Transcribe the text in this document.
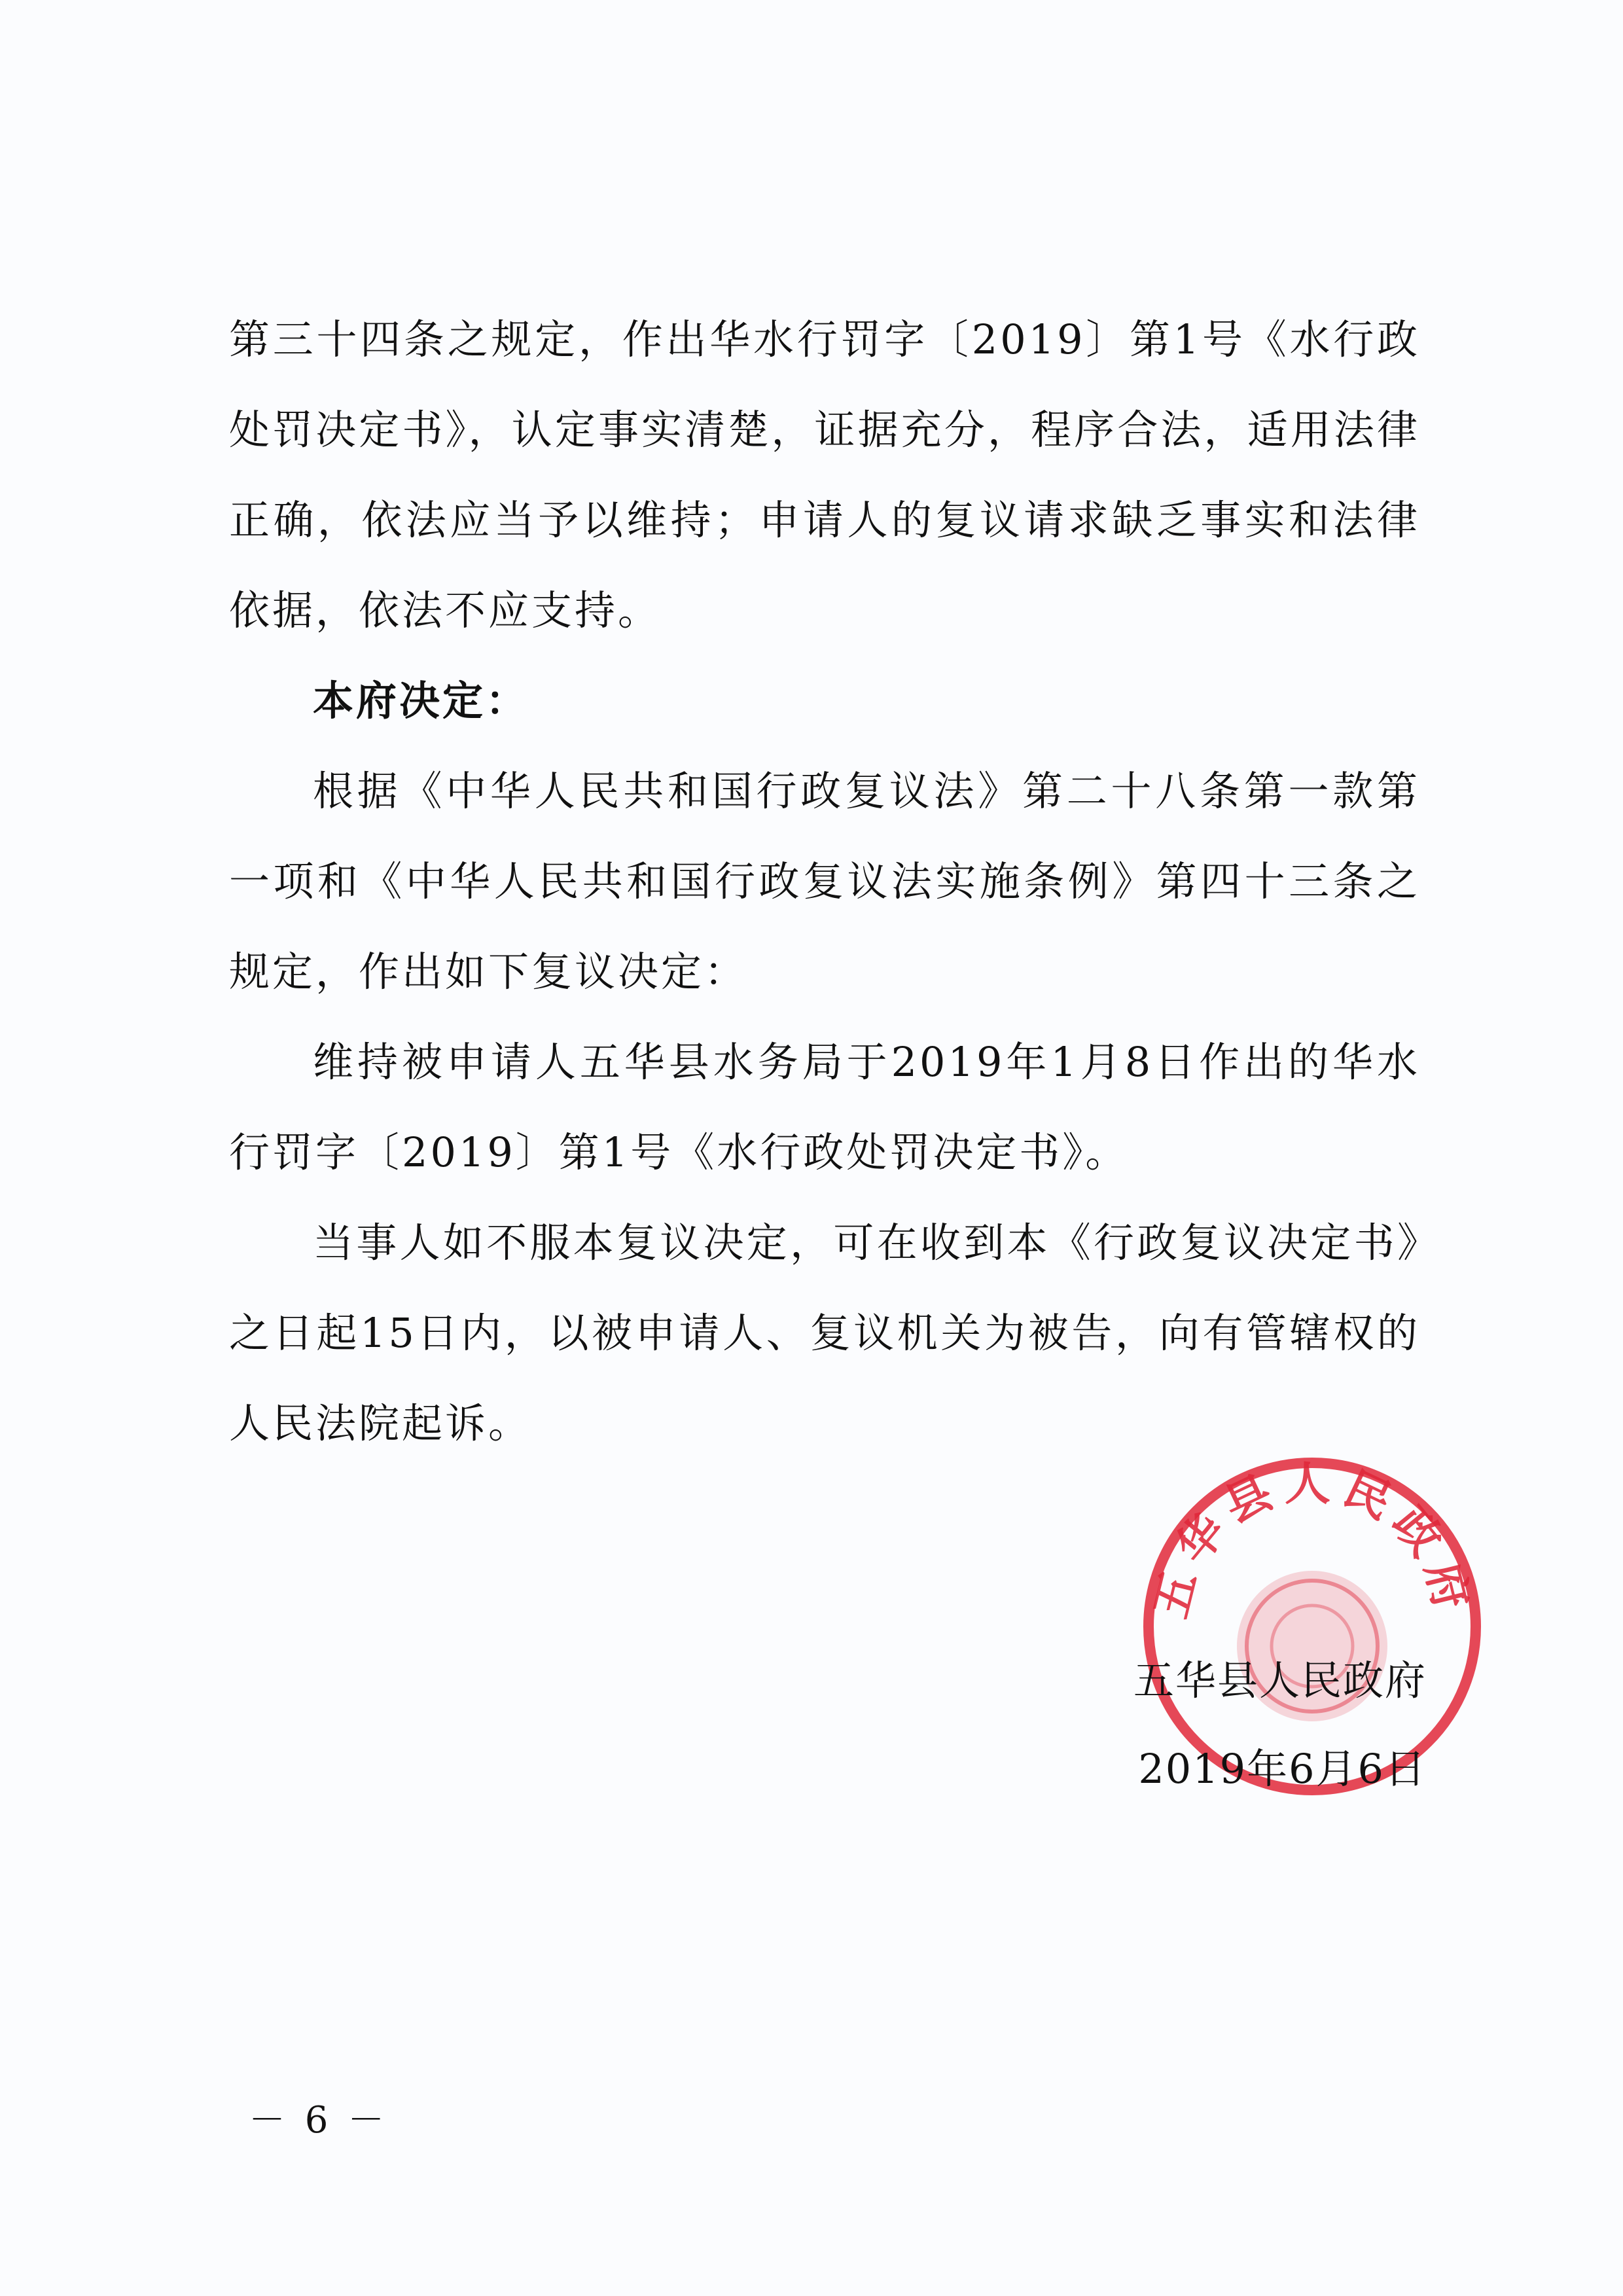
第三十四条之规定，作出华水行罚字〔2019〕第1号《水行政处罚决定书》，认定事实清楚，证据充分，程序合法，适用法律正确，依法应当予以维持；申请人的复议请求缺乏事实和法律依据，依法不应支持。

本府决定：

根据《中华人民共和国行政复议法》第二十八条第一款第一项和《中华人民共和国行政复议法实施条例》第四十三条之规定，作出如下复议决定：

维持被申请人五华县水务局于2019年1月8日作出的华水行罚字〔2019〕第1号《水行政处罚决定书》。

当事人如不服本复议决定，可在收到本《行政复议决定书》之日起15日内，以被申请人、复议机关为被告，向有管辖权的人民法院起诉。

五华县人民政府
五华县人民政府
2019年6月6日
－ 6 －
